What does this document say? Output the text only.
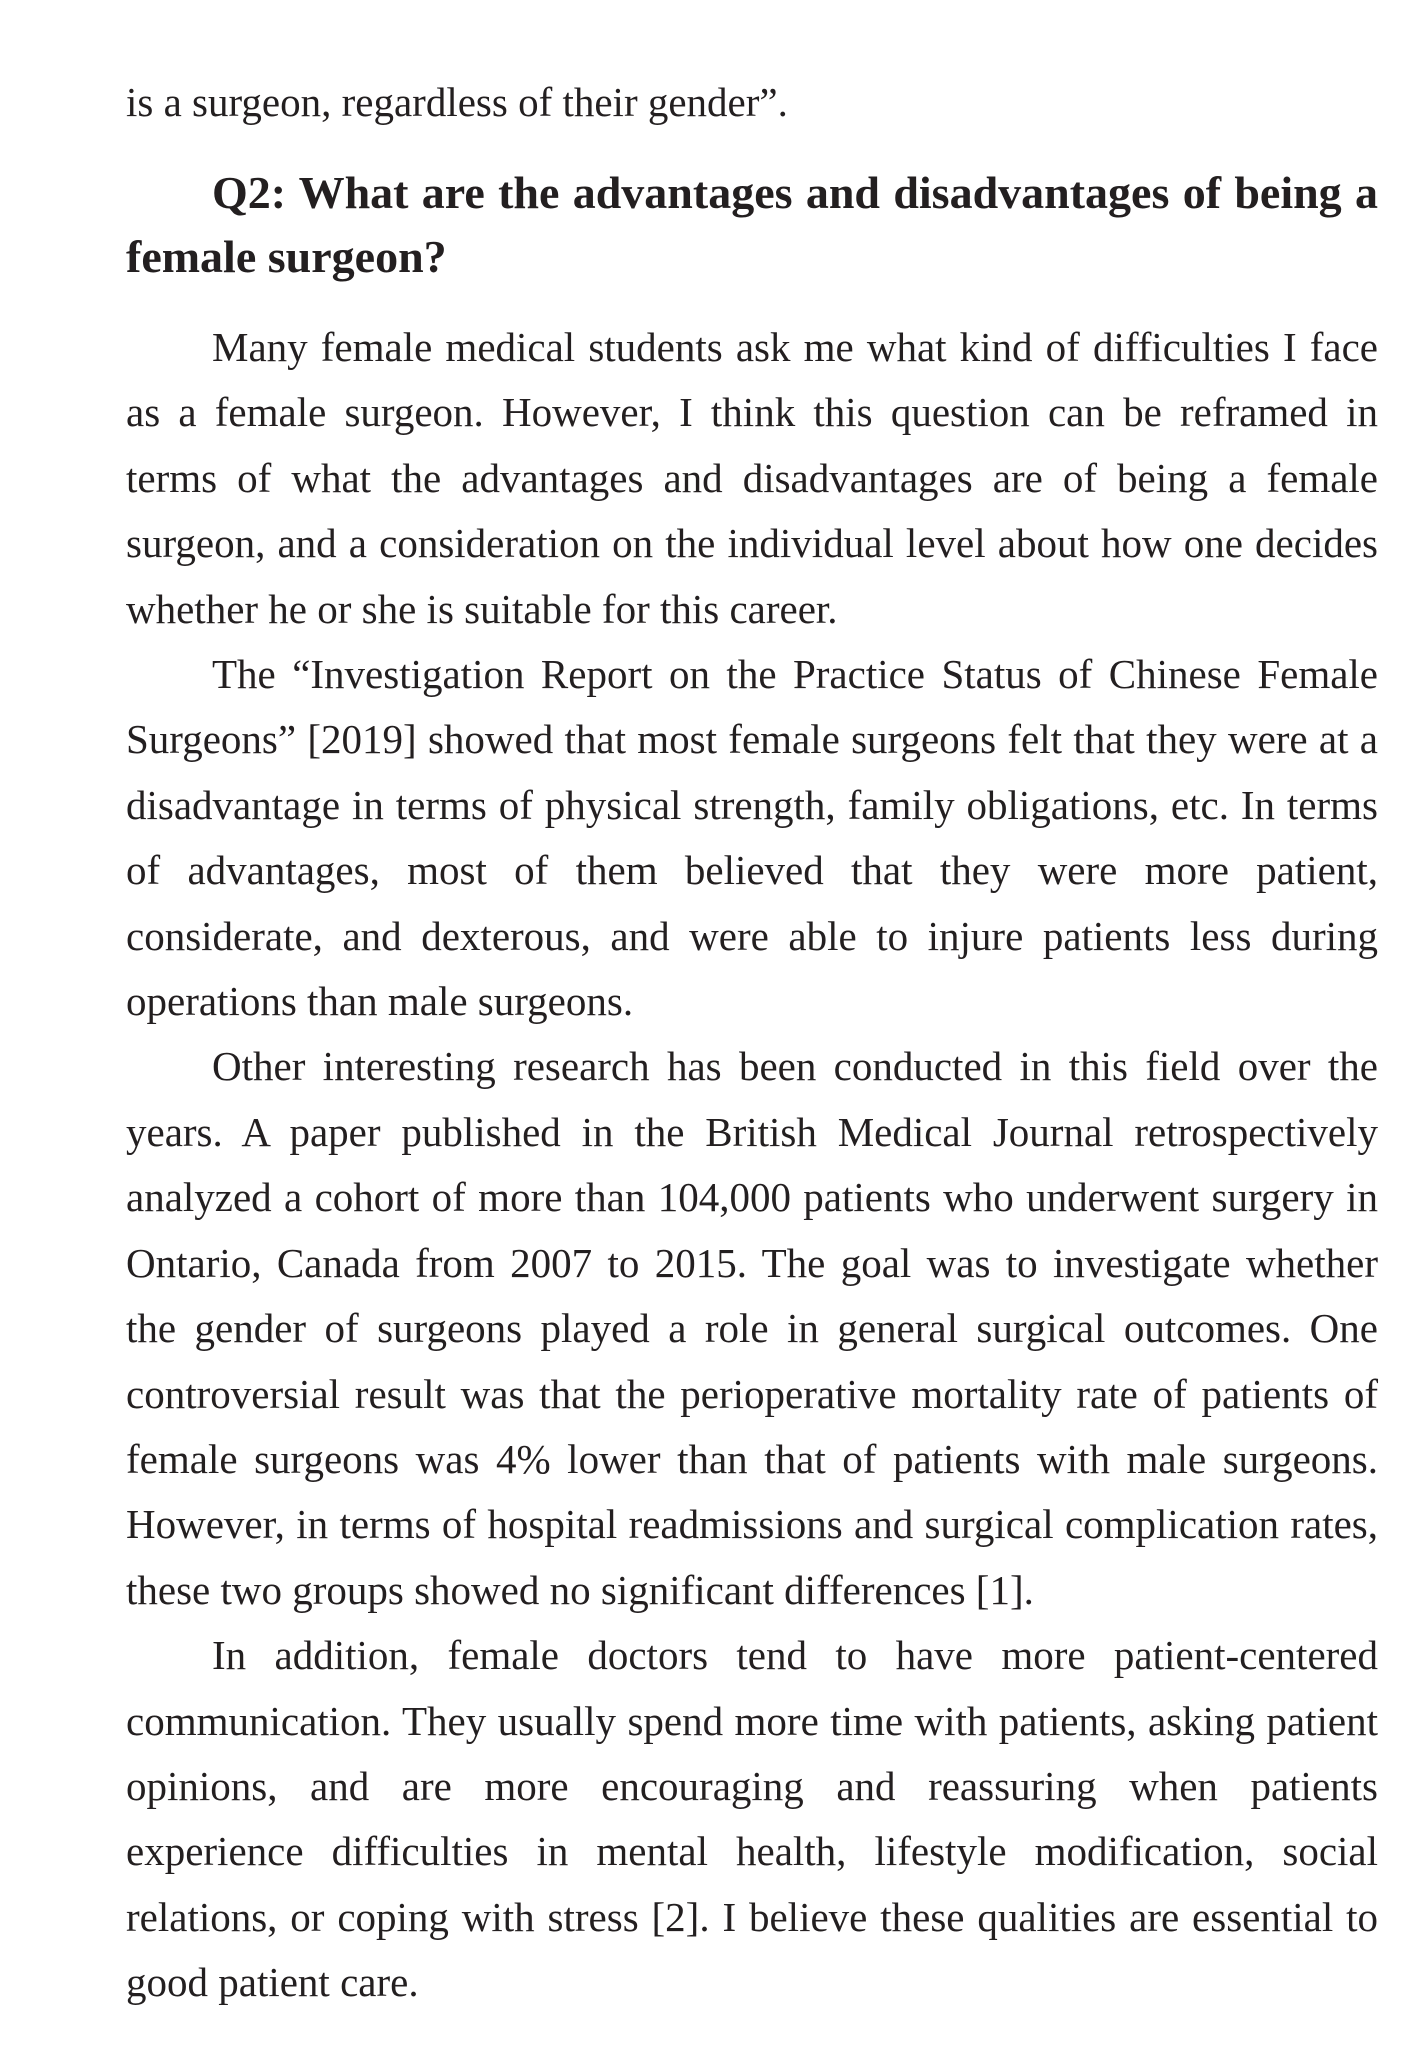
is a surgeon, regardless of their gender”.

Q2: What are the advantages and disadvantages of being a female surgeon?

Many female medical students ask me what kind of difficulties I face as a female surgeon. However, I think this question can be reframed in terms of what the advantages and disadvantages are of being a female surgeon, and a consideration on the individual level about how one decides whether he or she is suitable for this career.

The “Investigation Report on the Practice Status of Chinese Female Surgeons” [2019] showed that most female surgeons felt that they were at a disadvantage in terms of physical strength, family obligations, etc. In terms of advantages, most of them believed that they were more patient, considerate, and dexterous, and were able to injure patients less during operations than male surgeons.

Other interesting research has been conducted in this field over the years. A paper published in the British Medical Journal retrospectively analyzed a cohort of more than 104,000 patients who underwent surgery in Ontario, Canada from 2007 to 2015. The goal was to investigate whether the gender of surgeons played a role in general surgical outcomes. One controversial result was that the perioperative mortality rate of patients of female surgeons was 4% lower than that of patients with male surgeons. However, in terms of hospital readmissions and surgical complication rates, these two groups showed no significant differences [1].

In addition, female doctors tend to have more patient-centered communication. They usually spend more time with patients, asking patient opinions, and are more encouraging and reassuring when patients experience difficulties in mental health, lifestyle modification, social relations, or coping with stress [2]. I believe these qualities are essential to good patient care.
